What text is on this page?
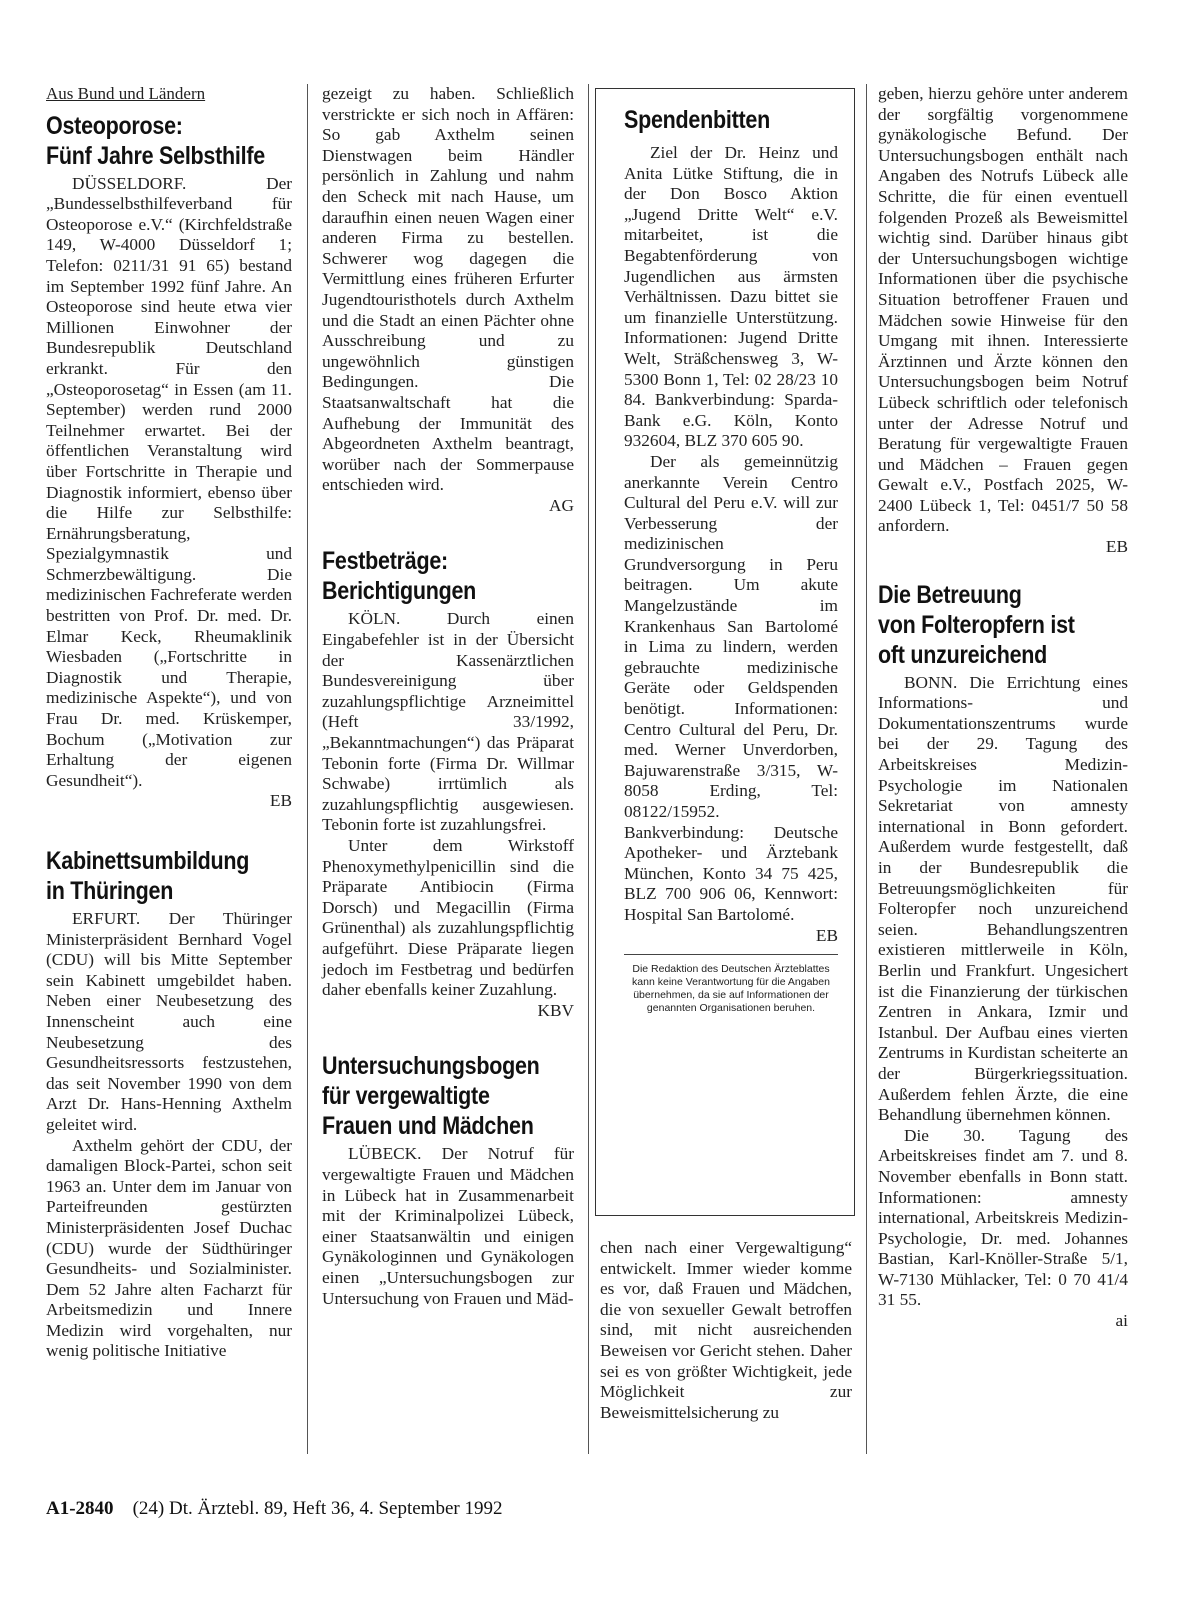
Aus Bund und Ländern
Osteoporose:
Fünf Jahre Selbsthilfe

DÜSSELDORF. Der „Bundesselbsthilfeverband für Osteoporose e.V.“ (Kirchfeldstraße 149, W-4000 Düsseldorf 1; Telefon: 0211/31 91 65) bestand im September 1992 fünf Jahre. An Osteoporose sind heute etwa vier Millionen Einwohner der Bundesrepublik Deutschland erkrankt. Für den „Osteoporosetag“ in Essen (am 11. September) werden rund 2000 Teilnehmer erwartet. Bei der öffentlichen Veranstaltung wird über Fortschritte in Therapie und Diagnostik informiert, ebenso über die Hilfe zur Selbsthilfe: Ernährungsberatung, Spezialgymnastik und Schmerzbewältigung. Die medizinischen Fachreferate werden bestritten von Prof. Dr. med. Dr. Elmar Keck, Rheumaklinik Wiesbaden („Fortschritte in Diagnostik und Therapie, medizinische Aspekte“), und von Frau Dr. med. Krüskemper, Bochum („Motivation zur Erhaltung der eigenen Gesundheit“).

EB

Kabinettsumbildung
in Thüringen

ERFURT. Der Thüringer Ministerpräsident Bernhard Vogel (CDU) will bis Mitte September sein Kabinett umgebildet haben. Neben einer Neubesetzung des Innenscheint auch eine Neubesetzung des Gesundheitsressorts festzustehen, das seit November 1990 von dem Arzt Dr. Hans-Henning Axthelm geleitet wird.

Axthelm gehört der CDU, der damaligen Block-Partei, schon seit 1963 an. Unter dem im Januar von Parteifreunden gestürzten Ministerpräsidenten Josef Duchac (CDU) wurde der Südthüringer Gesundheits- und Sozialminister. Dem 52 Jahre alten Facharzt für Arbeitsmedizin und Innere Medizin wird vorgehalten, nur wenig politische Initiative

gezeigt zu haben. Schließlich verstrickte er sich noch in Affären: So gab Axthelm seinen Dienstwagen beim Händler persönlich in Zahlung und nahm den Scheck mit nach Hause, um daraufhin einen neuen Wagen einer anderen Firma zu bestellen. Schwerer wog dagegen die Vermittlung eines früheren Erfurter Jugendtouristhotels durch Axthelm und die Stadt an einen Pächter ohne Ausschreibung und zu ungewöhnlich günstigen Bedingungen. Die Staatsanwaltschaft hat die Aufhebung der Immunität des Abgeordneten Axthelm beantragt, worüber nach der Sommerpause entschieden wird.

AG

Festbeträge:
Berichtigungen

KÖLN. Durch einen Eingabefehler ist in der Übersicht der Kassenärztlichen Bundesvereinigung über zuzahlungspflichtige Arzneimittel (Heft 33/1992, „Bekanntmachungen“) das Präparat Tebonin forte (Firma Dr. Willmar Schwabe) irrtümlich als zuzahlungspflichtig ausgewiesen. Tebonin forte ist zuzahlungsfrei.

Unter dem Wirkstoff Phenoxymethylpenicillin sind die Präparate Antibiocin (Firma Dorsch) und Megacillin (Firma Grünenthal) als zuzahlungspflichtig aufgeführt. Diese Präparate liegen jedoch im Festbetrag und bedürfen daher ebenfalls keiner Zuzahlung.

KBV

Untersuchungsbogen
für vergewaltigte
Frauen und Mädchen

LÜBECK. Der Notruf für vergewaltigte Frauen und Mädchen in Lübeck hat in Zusammenarbeit mit der Kriminalpolizei Lübeck, einer Staatsanwältin und einigen Gynäkologinnen und Gynäkologen einen „Untersuchungsbogen zur Untersuchung von Frauen und Mäd-

Spendenbitten

Ziel der Dr. Heinz und Anita Lütke Stiftung, die in der Don Bosco Aktion „Jugend Dritte Welt“ e.V. mitarbeitet, ist die Begabtenförderung von Jugendlichen aus ärmsten Verhältnissen. Dazu bittet sie um finanzielle Unterstützung. Informationen: Jugend Dritte Welt, Sträßchensweg 3, W-5300 Bonn 1, Tel: 02 28/23 10 84. Bankverbindung: Sparda-Bank e.G. Köln, Konto 932604, BLZ 370 605 90.

Der als gemeinnützig anerkannte Verein Centro Cultural del Peru e.V. will zur Verbesserung der medizinischen Grundversorgung in Peru beitragen. Um akute Mangelzustände im Krankenhaus San Bartolomé in Lima zu lindern, werden gebrauchte medizinische Geräte oder Geldspenden benötigt. Informationen: Centro Cultural del Peru, Dr. med. Werner Unverdorben, Bajuwarenstraße 3/315, W-8058 Erding, Tel: 08122/15952. Bankverbindung: Deutsche Apotheker- und Ärztebank München, Konto 34 75 425, BLZ 700 906 06, Kennwort: Hospital San Bartolomé.

EB

Die Redaktion des Deutschen Ärzteblattes kann keine Verantwortung für die Angaben übernehmen, da sie auf Informationen der genannten Organisationen beruhen.

chen nach einer Vergewaltigung“ entwickelt. Immer wieder komme es vor, daß Frauen und Mädchen, die von sexueller Gewalt betroffen sind, mit nicht ausreichenden Beweisen vor Gericht stehen. Daher sei es von größter Wichtigkeit, jede Möglichkeit zur Beweismittelsicherung zu

geben, hierzu gehöre unter anderem der sorgfältig vorgenommene gynäkologische Befund. Der Untersuchungsbogen enthält nach Angaben des Notrufs Lübeck alle Schritte, die für einen eventuell folgenden Prozeß als Beweismittel wichtig sind. Darüber hinaus gibt der Untersuchungsbogen wichtige Informationen über die psychische Situation betroffener Frauen und Mädchen sowie Hinweise für den Umgang mit ihnen. Interessierte Ärztinnen und Ärzte können den Untersuchungsbogen beim Notruf Lübeck schriftlich oder telefonisch unter der Adresse Notruf und Beratung für vergewaltigte Frauen und Mädchen – Frauen gegen Gewalt e.V., Postfach 2025, W-2400 Lübeck 1, Tel: 0451/7 50 58 anfordern.

EB

Die Betreuung
von Folteropfern ist
oft unzureichend

BONN. Die Errichtung eines Informations- und Dokumentationszentrums wurde bei der 29. Tagung des Arbeitskreises Medizin-Psychologie im Nationalen Sekretariat von amnesty international in Bonn gefordert. Außerdem wurde festgestellt, daß in der Bundesrepublik die Betreuungsmöglichkeiten für Folteropfer noch unzureichend seien. Behandlungszentren existieren mittlerweile in Köln, Berlin und Frankfurt. Ungesichert ist die Finanzierung der türkischen Zentren in Ankara, Izmir und Istanbul. Der Aufbau eines vierten Zentrums in Kurdistan scheiterte an der Bürgerkriegssituation. Außerdem fehlen Ärzte, die eine Behandlung übernehmen können.

Die 30. Tagung des Arbeitskreises findet am 7. und 8. November ebenfalls in Bonn statt. Informationen: amnesty international, Arbeitskreis Medizin-Psychologie, Dr. med. Johannes Bastian, Karl-Knöller-Straße 5/1, W-7130 Mühlacker, Tel: 0 70 41/4 31 55.

ai

A1-2840 (24) Dt. Ärztebl. 89, Heft 36, 4. September 1992
